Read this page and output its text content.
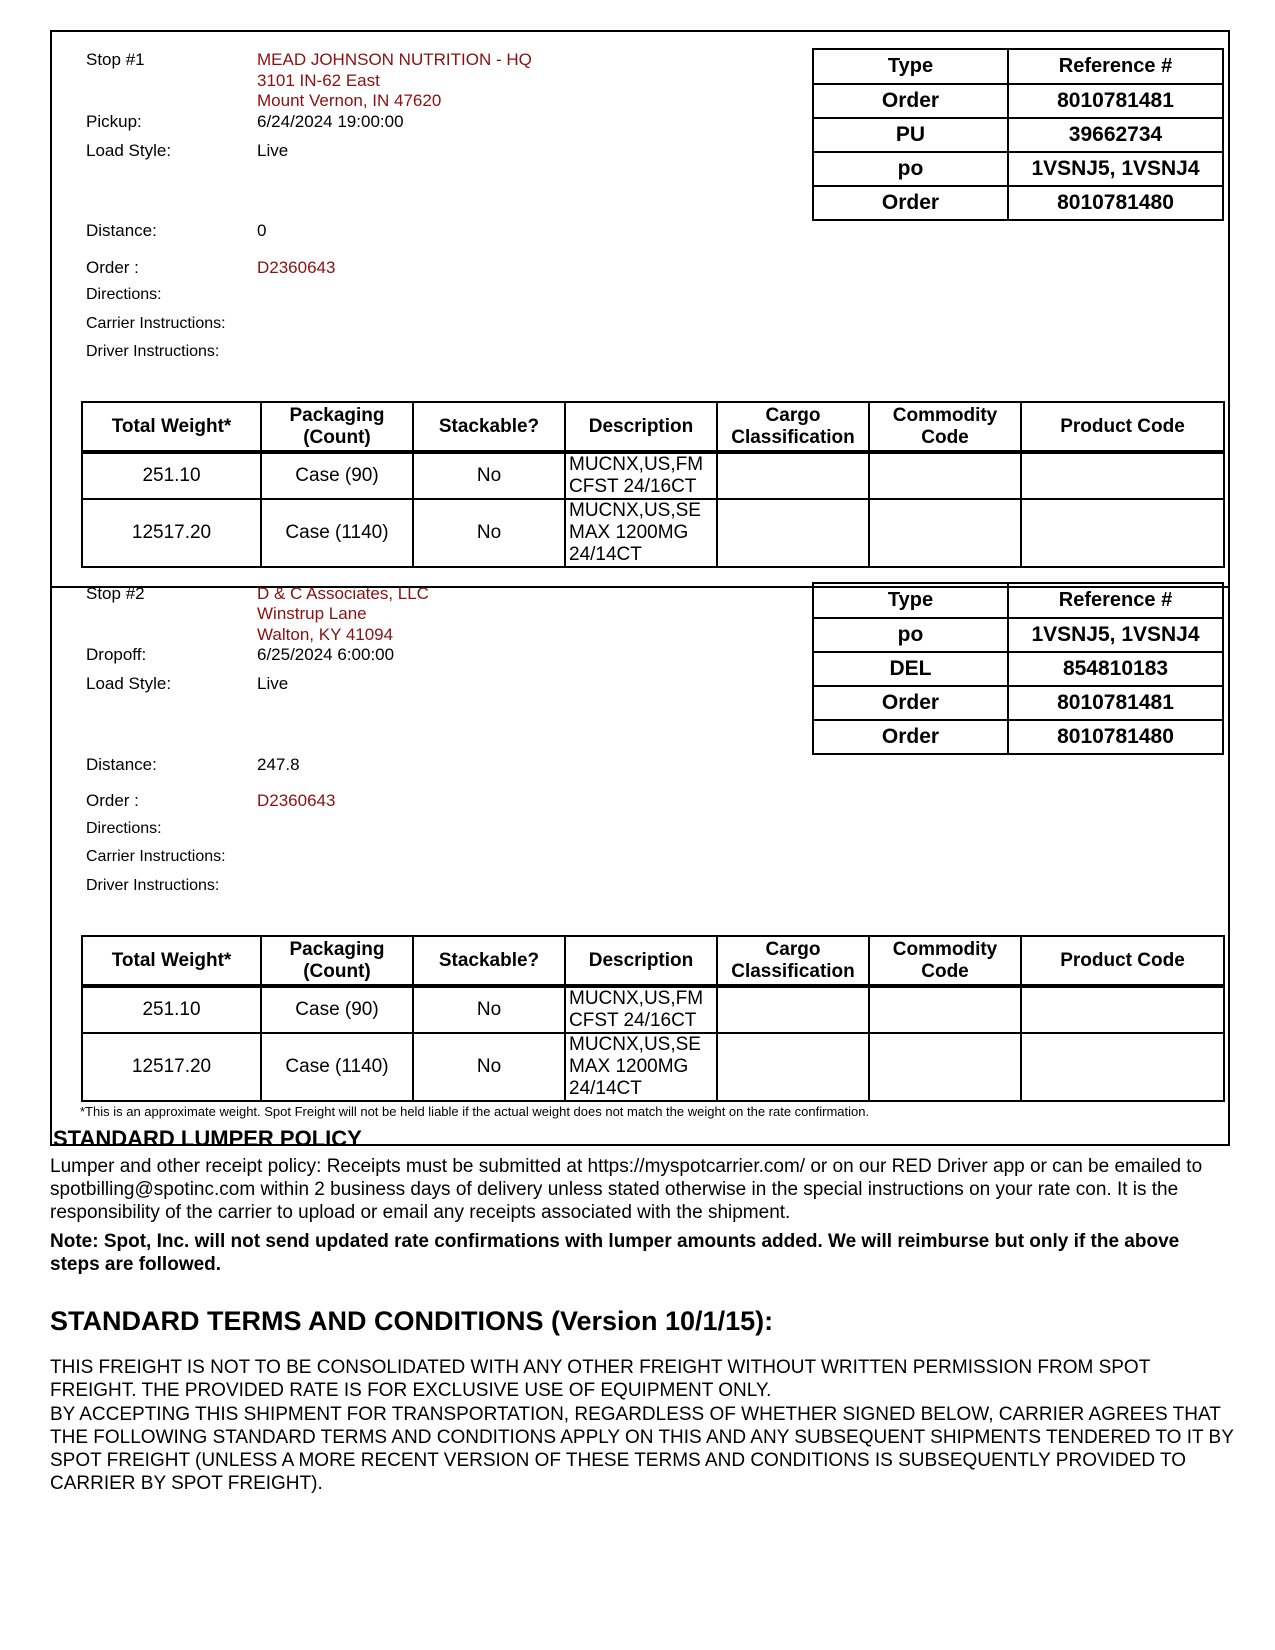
Stop #1	MEAD JOHNSON NUTRITION - HQ
3101 IN-62 East
Mount Vernon, IN 47620
Pickup:	6/24/2024 19:00:00
Load Style:	Live
Distance:	0
Order :	D2360643
Directions:
Carrier Instructions:
Driver Instructions:
Type	Reference #
Order	8010781481
PU	39662734
po	1VSNJ5, 1VSNJ4
Order	8010781480
Total Weight*	Packaging (Count)	Stackable?	Description	Cargo Classification	Commodity Code	Product Code
251.10	Case (90)	No	MUCNX,US,FM
CFST 24/16CT			
12517.20	Case (1140)	No	MUCNX,US,SE
MAX 1200MG
24/14CT			
Stop #2	D & C Associates, LLC
Winstrup Lane
Walton, KY 41094
Dropoff:	6/25/2024 6:00:00
Load Style:	Live
Distance:	247.8
Order :	D2360643
Directions:
Carrier Instructions:
Driver Instructions:
Type	Reference #
po	1VSNJ5, 1VSNJ4
DEL	854810183
Order	8010781481
Order	8010781480
Total Weight*	Packaging (Count)	Stackable?	Description	Cargo Classification	Commodity Code	Product Code
251.10	Case (90)	No	MUCNX,US,FM
CFST 24/16CT			
12517.20	Case (1140)	No	MUCNX,US,SE
MAX 1200MG
24/14CT			
*This is an approximate weight. Spot Freight will not be held liable if the actual weight does not match the weight on the rate confirmation.
STANDARD LUMPER POLICY
Lumper and other receipt policy: Receipts must be submitted at https://myspotcarrier.com/ or on our RED Driver app or can be emailed to spotbilling@spotinc.com within 2 business days of delivery unless stated otherwise in the special instructions on your rate con. It is the responsibility of the carrier to upload or email any receipts associated with the shipment.
Note: Spot, Inc. will not send updated rate confirmations with lumper amounts added. We will reimburse but only if the above steps are followed.
STANDARD TERMS AND CONDITIONS (Version 10/1/15):
THIS FREIGHT IS NOT TO BE CONSOLIDATED WITH ANY OTHER FREIGHT WITHOUT WRITTEN PERMISSION FROM SPOT FREIGHT. THE PROVIDED RATE IS FOR EXCLUSIVE USE OF EQUIPMENT ONLY.
BY ACCEPTING THIS SHIPMENT FOR TRANSPORTATION, REGARDLESS OF WHETHER SIGNED BELOW, CARRIER AGREES THAT THE FOLLOWING STANDARD TERMS AND CONDITIONS APPLY ON THIS AND ANY SUBSEQUENT SHIPMENTS TENDERED TO IT BY SPOT FREIGHT (UNLESS A MORE RECENT VERSION OF THESE TERMS AND CONDITIONS IS SUBSEQUENTLY PROVIDED TO CARRIER BY SPOT FREIGHT).
